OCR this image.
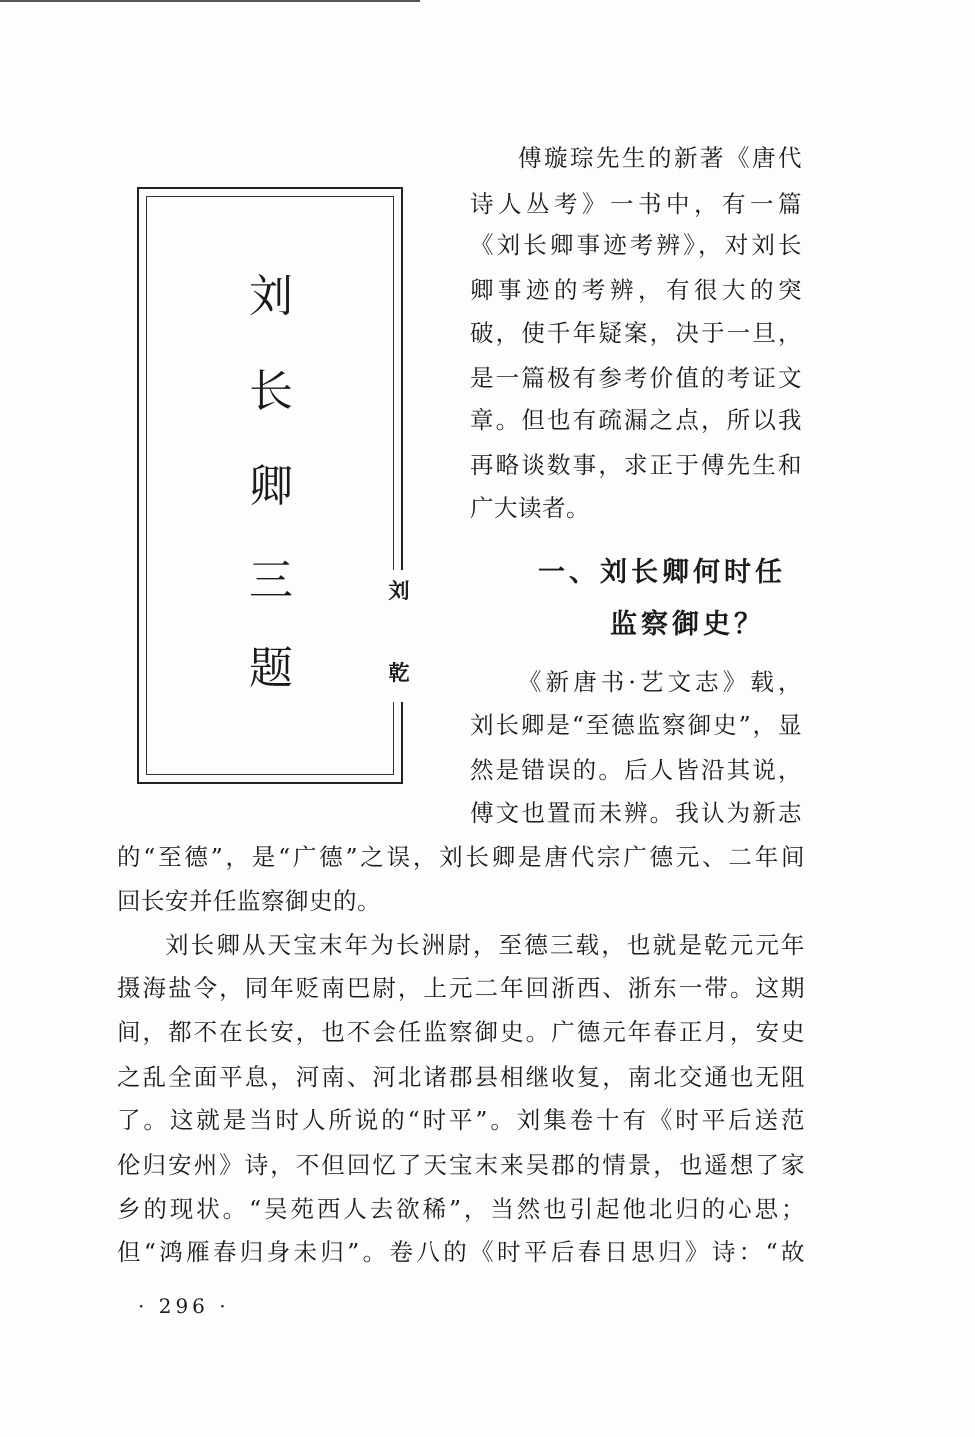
刘
长
卿
三
题
刘
乾
傅璇琮先生的新著《唐代
诗人丛考》一书中，有一篇
《刘长卿事迹考辨》，对刘长
卿事迹的考辨，有很大的突
破，使千年疑案，决于一旦，
是一篇极有参考价值的考证文
章。但也有疏漏之点，所以我
再略谈数事，求正于傅先生和
广大读者。
一、刘长卿何时任
监察御史？
《新唐书·艺文志》载，
刘长卿是“至德监察御史”，显
然是错误的。后人皆沿其说，
傅文也置而未辨。我认为新志
的“至德”，是“广德”之误，刘长卿是唐代宗广德元、二年间
回长安并任监察御史的。
刘长卿从天宝末年为长洲尉，至德三载，也就是乾元元年
摄海盐令，同年贬南巴尉，上元二年回浙西、浙东一带。这期
间，都不在长安，也不会任监察御史。广德元年春正月，安史
之乱全面平息，河南、河北诸郡县相继收复，南北交通也无阻
了。这就是当时人所说的“时平”。刘集卷十有《时平后送范
伦归安州》诗，不但回忆了天宝末来吴郡的情景，也遥想了家
乡的现状。“吴苑西人去欲稀”，当然也引起他北归的心思；
但“鸿雁春归身未归”。卷八的《时平后春日思归》诗：“故
· 296 ·
